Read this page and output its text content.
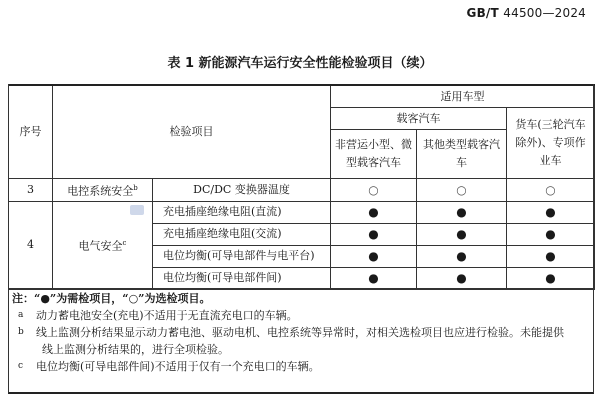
GB/T 44500—2024
表 1 新能源汽车运行安全性能检验项目（续）
序号	检验项目		适用车型		
			载客汽车		货车(三轮汽车除外)、专项作业车
			非营运小型、微型载客汽车	其他类型载客汽车	
3	电控系统安全$^b$	DC/DC 变换器温度	○	○	○
4	电气安全$^c$	充电插座绝缘电阻(直流)	●	●	●
		充电插座绝缘电阻(交流)	●	●	●
		电位均衡(可导电部件与电平台)	●	●	●
		电位均衡(可导电部件间)	●	●	●
注：“●”为需检项目，“○”为选检项目。
a	动力蓄电池安全(充电)不适用于无直流充电口的车辆。
b	线上监测分析结果显示动力蓄电池、驱动电机、电控系统等异常时，对相关选检项目也应进行检验。未能提供
线上监测分析结果的，进行全项检验。
c	电位均衡(可导电部件间)不适用于仅有一个充电口的车辆。
